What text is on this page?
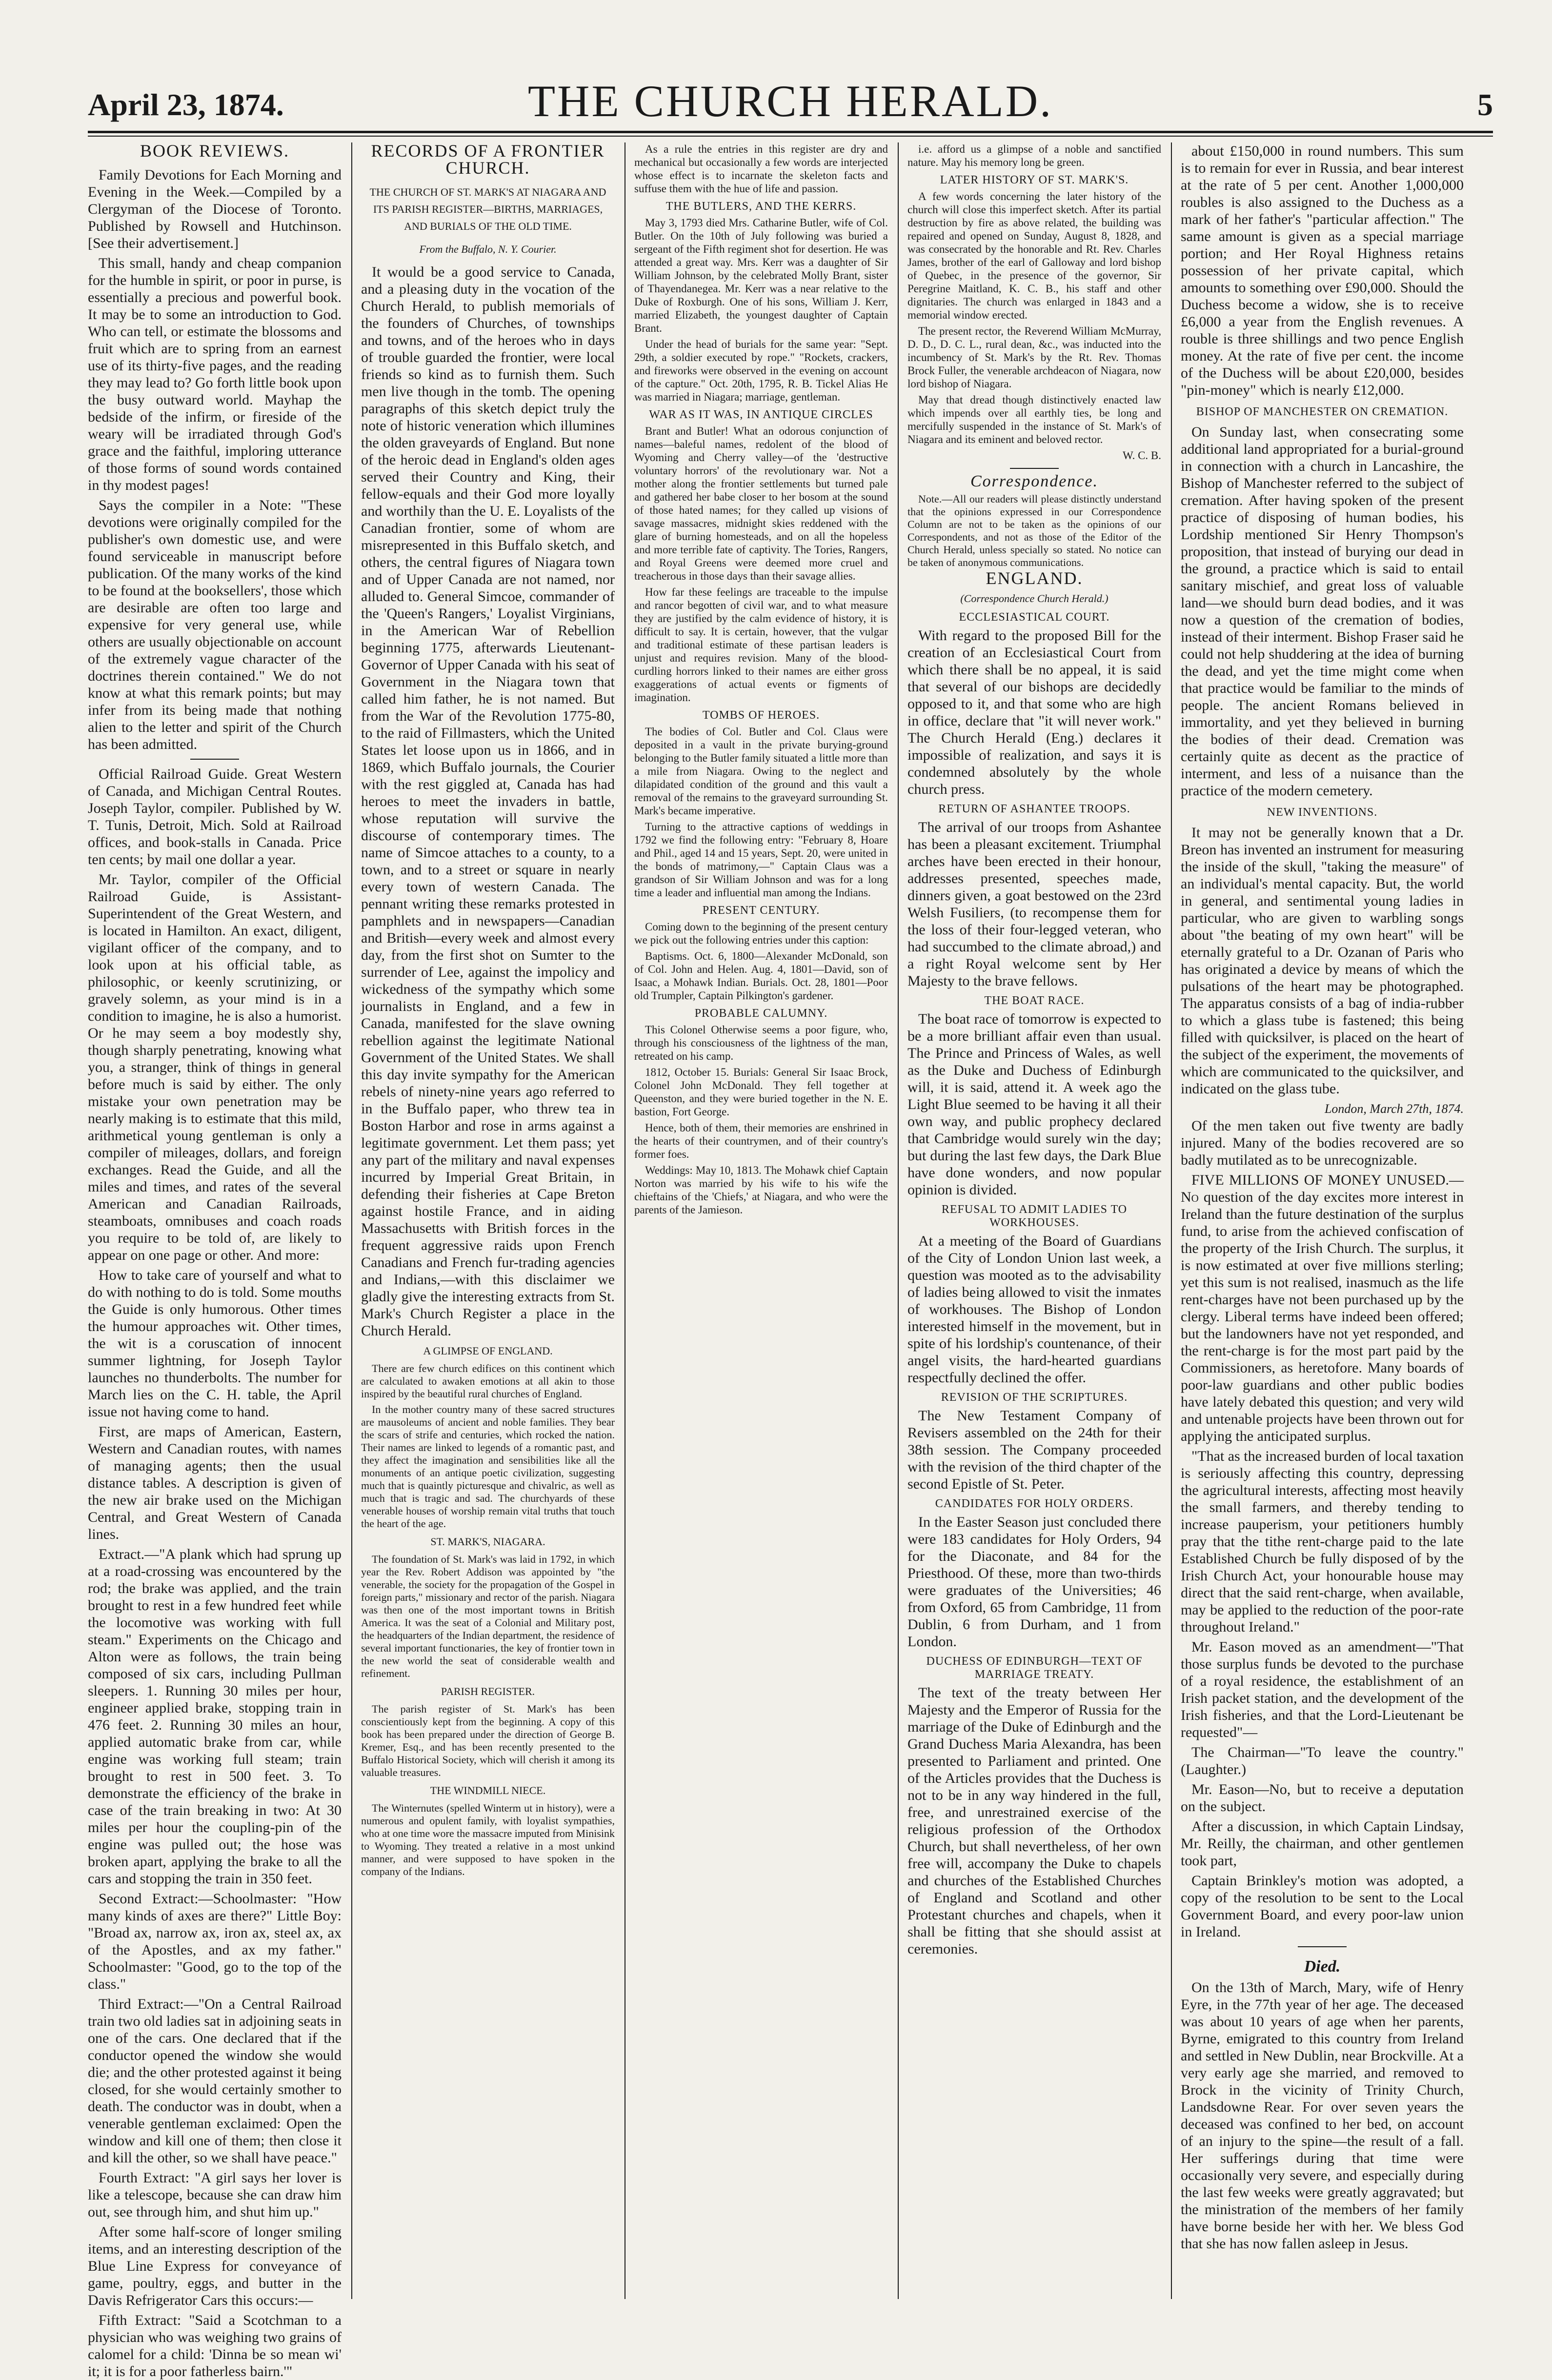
April 23, 1874.	THE CHURCH HERALD.	5
BOOK REVIEWS.

Family Devotions for Each Morning and Evening in the Week.—Compiled by a Clergyman of the Diocese of Toronto. Published by Rowsell and Hutchinson. [See their advertisement.]

This small, handy and cheap companion for the humble in spirit, or poor in purse, is essentially a precious and powerful book. It may be to some an introduction to God. Who can tell, or estimate the blossoms and fruit which are to spring from an earnest use of its thirty-five pages, and the reading they may lead to? Go forth little book upon the busy outward world. Mayhap the bedside of the infirm, or fireside of the weary will be irradiated through God's grace and the faithful, imploring utterance of those forms of sound words contained in thy modest pages!

Says the compiler in a Note: "These devotions were originally compiled for the publisher's own domestic use, and were found serviceable in manuscript before publication. Of the many works of the kind to be found at the booksellers', those which are desirable are often too large and expensive for very general use, while others are usually objectionable on account of the extremely vague character of the doctrines therein contained." We do not know at what this remark points; but may infer from its being made that nothing alien to the letter and spirit of the Church has been admitted.

Official Railroad Guide. Great Western of Canada, and Michigan Central Routes. Joseph Taylor, compiler. Published by W. T. Tunis, Detroit, Mich. Sold at Railroad offices, and book-stalls in Canada. Price ten cents; by mail one dollar a year.

Mr. Taylor, compiler of the Official Railroad Guide, is Assistant-Superintendent of the Great Western, and is located in Hamilton. An exact, diligent, vigilant officer of the company, and to look upon at his official table, as philosophic, or keenly scrutinizing, or gravely solemn, as your mind is in a condition to imagine, he is also a humorist. Or he may seem a boy modestly shy, though sharply penetrating, knowing what you, a stranger, think of things in general before much is said by either. The only mistake your own penetration may be nearly making is to estimate that this mild, arithmetical young gentleman is only a compiler of mileages, dollars, and foreign exchanges. Read the Guide, and all the miles and times, and rates of the several American and Canadian Railroads, steamboats, omnibuses and coach roads you require to be told of, are likely to appear on one page or other. And more:

How to take care of yourself and what to do with nothing to do is told. Some mouths the Guide is only humorous. Other times the humour approaches wit. Other times, the wit is a coruscation of innocent summer lightning, for Joseph Taylor launches no thunderbolts. The number for March lies on the C. H. table, the April issue not having come to hand.

First, are maps of American, Eastern, Western and Canadian routes, with names of managing agents; then the usual distance tables. A description is given of the new air brake used on the Michigan Central, and Great Western of Canada lines.

Extract.—"A plank which had sprung up at a road-crossing was encountered by the rod; the brake was applied, and the train brought to rest in a few hundred feet while the locomotive was working with full steam." Experiments on the Chicago and Alton were as follows, the train being composed of six cars, including Pullman sleepers. 1. Running 30 miles per hour, engineer applied brake, stopping train in 476 feet. 2. Running 30 miles an hour, applied automatic brake from car, while engine was working full steam; train brought to rest in 500 feet. 3. To demonstrate the efficiency of the brake in case of the train breaking in two: At 30 miles per hour the coupling-pin of the engine was pulled out; the hose was broken apart, applying the brake to all the cars and stopping the train in 350 feet.

Second Extract:—Schoolmaster: "How many kinds of axes are there?" Little Boy: "Broad ax, narrow ax, iron ax, steel ax, ax of the Apostles, and ax my father." Schoolmaster: "Good, go to the top of the class."

Third Extract:—"On a Central Railroad train two old ladies sat in adjoining seats in one of the cars. One declared that if the conductor opened the window she would die; and the other protested against it being closed, for she would certainly smother to death. The conductor was in doubt, when a venerable gentleman exclaimed: Open the window and kill one of them; then close it and kill the other, so we shall have peace."

Fourth Extract: "A girl says her lover is like a telescope, because she can draw him out, see through him, and shut him up."

After some half-score of longer smiling items, and an interesting description of the Blue Line Express for conveyance of game, poultry, eggs, and butter in the Davis Refrigerator Cars this occurs:—

Fifth Extract: "Said a Scotchman to a physician who was weighing two grains of calomel for a child: 'Dinna be so mean wi' it; it is for a poor fatherless bairn.'"

RECORDS OF A FRONTIER CHURCH.
THE CHURCH OF ST. MARK'S AT NIAGARA AND ITS PARISH REGISTER—BIRTHS, MARRIAGES, AND BURIALS OF THE OLD TIME.
From the Buffalo, N. Y. Courier.

It would be a good service to Canada, and a pleasing duty in the vocation of the Church Herald, to publish memorials of the founders of Churches, of townships and towns, and of the heroes who in days of trouble guarded the frontier, were local friends so kind as to furnish them. Such men live though in the tomb. The opening paragraphs of this sketch depict truly the note of historic veneration which illumines the olden graveyards of England. But none of the heroic dead in England's olden ages served their Country and King, their fellow-equals and their God more loyally and worthily than the U. E. Loyalists of the Canadian frontier, some of whom are misrepresented in this Buffalo sketch, and others, the central figures of Niagara town and of Upper Canada are not named, nor alluded to. General Simcoe, commander of the 'Queen's Rangers,' Loyalist Virginians, in the American War of Rebellion beginning 1775, afterwards Lieutenant-Governor of Upper Canada with his seat of Government in the Niagara town that called him father, he is not named. But from the War of the Revolution 1775-80, to the raid of Fillmasters, which the United States let loose upon us in 1866, and in 1869, which Buffalo journals, the Courier with the rest giggled at, Canada has had heroes to meet the invaders in battle, whose reputation will survive the discourse of contemporary times. The name of Simcoe attaches to a county, to a town, and to a street or square in nearly every town of western Canada. The pennant writing these remarks protested in pamphlets and in newspapers—Canadian and British—every week and almost every day, from the first shot on Sumter to the surrender of Lee, against the impolicy and wickedness of the sympathy which some journalists in England, and a few in Canada, manifested for the slave owning rebellion against the legitimate National Government of the United States. We shall this day invite sympathy for the American rebels of ninety-nine years ago referred to in the Buffalo paper, who threw tea in Boston Harbor and rose in arms against a legitimate government. Let them pass; yet any part of the military and naval expenses incurred by Imperial Great Britain, in defending their fisheries at Cape Breton against hostile France, and in aiding Massachusetts with British forces in the frequent aggressive raids upon French Canadians and French fur-trading agencies and Indians,—with this disclaimer we gladly give the interesting extracts from St. Mark's Church Register a place in the Church Herald.

A GLIMPSE OF ENGLAND.

There are few church edifices on this continent which are calculated to awaken emotions at all akin to those inspired by the beautiful rural churches of England.

In the mother country many of these sacred structures are mausoleums of ancient and noble families. They bear the scars of strife and centuries, which rocked the nation. Their names are linked to legends of a romantic past, and they affect the imagination and sensibilities like all the monuments of an antique poetic civilization, suggesting much that is quaintly picturesque and chivalric, as well as much that is tragic and sad. The churchyards of these venerable houses of worship remain vital truths that touch the heart of the age.

ST. MARK'S, NIAGARA.

The foundation of St. Mark's was laid in 1792, in which year the Rev. Robert Addison was appointed by "the venerable, the society for the propagation of the Gospel in foreign parts," missionary and rector of the parish. Niagara was then one of the most important towns in British America. It was the seat of a Colonial and Military post, the headquarters of the Indian department, the residence of several important functionaries, the key of frontier town in the new world the seat of considerable wealth and refinement.

PARISH REGISTER.

The parish register of St. Mark's has been conscientiously kept from the beginning. A copy of this book has been prepared under the direction of George B. Kremer, Esq., and has been recently presented to the Buffalo Historical Society, which will cherish it among its valuable treasures.

THE WINDMILL NIECE.

The Winternutes (spelled Winterm ut in history), were a numerous and opulent family, with loyalist sympathies, who at one time wore the massacre imputed from Minisink to Wyoming. They treated a relative in a most unkind manner, and were supposed to have spoken in the company of the Indians.

As a rule the entries in this register are dry and mechanical but occasionally a few words are interjected whose effect is to incarnate the skeleton facts and suffuse them with the hue of life and passion.

THE BUTLERS, AND THE KERRS.

May 3, 1793 died Mrs. Catharine Butler, wife of Col. Butler. On the 10th of July following was buried a sergeant of the Fifth regiment shot for desertion. He was attended a great way. Mrs. Kerr was a daughter of Sir William Johnson, by the celebrated Molly Brant, sister of Thayendanegea. Mr. Kerr was a near relative to the Duke of Roxburgh. One of his sons, William J. Kerr, married Elizabeth, the youngest daughter of Captain Brant.

Under the head of burials for the same year: "Sept. 29th, a soldier executed by rope." "Rockets, crackers, and fireworks were observed in the evening on account of the capture." Oct. 20th, 1795, R. B. Tickel Alias He was married in Niagara; marriage, gentleman.

WAR AS IT WAS, IN ANTIQUE CIRCLES

Brant and Butler! What an odorous conjunction of names—baleful names, redolent of the blood of Wyoming and Cherry valley—of the 'destructive voluntary horrors' of the revolutionary war. Not a mother along the frontier settlements but turned pale and gathered her babe closer to her bosom at the sound of those hated names; for they called up visions of savage massacres, midnight skies reddened with the glare of burning homesteads, and on all the hopeless and more terrible fate of captivity. The Tories, Rangers, and Royal Greens were deemed more cruel and treacherous in those days than their savage allies.

How far these feelings are traceable to the impulse and rancor begotten of civil war, and to what measure they are justified by the calm evidence of history, it is difficult to say. It is certain, however, that the vulgar and traditional estimate of these partisan leaders is unjust and requires revision. Many of the blood-curdling horrors linked to their names are either gross exaggerations of actual events or figments of imagination.

TOMBS OF HEROES.

The bodies of Col. Butler and Col. Claus were deposited in a vault in the private burying-ground belonging to the Butler family situated a little more than a mile from Niagara. Owing to the neglect and dilapidated condition of the ground and this vault a removal of the remains to the graveyard surrounding St. Mark's became imperative.

Turning to the attractive captions of weddings in 1792 we find the following entry: "February 8, Hoare and Phil., aged 14 and 15 years, Sept. 20, were united in the bonds of matrimony,—" Captain Claus was a grandson of Sir William Johnson and was for a long time a leader and influential man among the Indians.

PRESENT CENTURY.

Coming down to the beginning of the present century we pick out the following entries under this caption:

Baptisms. Oct. 6, 1800—Alexander McDonald, son of Col. John and Helen. Aug. 4, 1801—David, son of Isaac, a Mohawk Indian. Burials. Oct. 28, 1801—Poor old Trumpler, Captain Pilkington's gardener.

PROBABLE CALUMNY.

This Colonel Otherwise seems a poor figure, who, through his consciousness of the lightness of the man, retreated on his camp.

1812, October 15. Burials: General Sir Isaac Brock, Colonel John McDonald. They fell together at Queenston, and they were buried together in the N. E. bastion, Fort George.

Hence, both of them, their memories are enshrined in the hearts of their countrymen, and of their country's former foes.

Weddings: May 10, 1813. The Mohawk chief Captain Norton was married by his wife to his wife the chieftains of the 'Chiefs,' at Niagara, and who were the parents of the Jamieson.

i.e. afford us a glimpse of a noble and sanctified nature. May his memory long be green.

LATER HISTORY OF ST. MARK'S.

A few words concerning the later history of the church will close this imperfect sketch. After its partial destruction by fire as above related, the building was repaired and opened on Sunday, August 8, 1828, and was consecrated by the honorable and Rt. Rev. Charles James, brother of the earl of Galloway and lord bishop of Quebec, in the presence of the governor, Sir Peregrine Maitland, K. C. B., his staff and other dignitaries. The church was enlarged in 1843 and a memorial window erected.

The present rector, the Reverend William McMurray, D. D., D. C. L., rural dean, &c., was inducted into the incumbency of St. Mark's by the Rt. Rev. Thomas Brock Fuller, the venerable archdeacon of Niagara, now lord bishop of Niagara.

May that dread though distinctively enacted law which impends over all earthly ties, be long and mercifully suspended in the instance of St. Mark's of Niagara and its eminent and beloved rector.

W. C. B.
Correspondence.

Note.—All our readers will please distinctly understand that the opinions expressed in our Correspondence Column are not to be taken as the opinions of our Correspondents, and not as those of the Editor of the Church Herald, unless specially so stated. No notice can be taken of anonymous communications.

ENGLAND.
(Correspondence Church Herald.)
ECCLESIASTICAL COURT.

With regard to the proposed Bill for the creation of an Ecclesiastical Court from which there shall be no appeal, it is said that several of our bishops are decidedly opposed to it, and that some who are high in office, declare that "it will never work." The Church Herald (Eng.) declares it impossible of realization, and says it is condemned absolutely by the whole church press.

RETURN OF ASHANTEE TROOPS.

The arrival of our troops from Ashantee has been a pleasant excitement. Triumphal arches have been erected in their honour, addresses presented, speeches made, dinners given, a goat bestowed on the 23rd Welsh Fusiliers, (to recompense them for the loss of their four-legged veteran, who had succumbed to the climate abroad,) and a right Royal welcome sent by Her Majesty to the brave fellows.

THE BOAT RACE.

The boat race of tomorrow is expected to be a more brilliant affair even than usual. The Prince and Princess of Wales, as well as the Duke and Duchess of Edinburgh will, it is said, attend it. A week ago the Light Blue seemed to be having it all their own way, and public prophecy declared that Cambridge would surely win the day; but during the last few days, the Dark Blue have done wonders, and now popular opinion is divided.

REFUSAL TO ADMIT LADIES TO WORKHOUSES.

At a meeting of the Board of Guardians of the City of London Union last week, a question was mooted as to the advisability of ladies being allowed to visit the inmates of workhouses. The Bishop of London interested himself in the movement, but in spite of his lordship's countenance, of their angel visits, the hard-hearted guardians respectfully declined the offer.

REVISION OF THE SCRIPTURES.

The New Testament Company of Revisers assembled on the 24th for their 38th session. The Company proceeded with the revision of the third chapter of the second Epistle of St. Peter.

CANDIDATES FOR HOLY ORDERS.

In the Easter Season just concluded there were 183 candidates for Holy Orders, 94 for the Diaconate, and 84 for the Priesthood. Of these, more than two-thirds were graduates of the Universities; 46 from Oxford, 65 from Cambridge, 11 from Dublin, 6 from Durham, and 1 from London.

DUCHESS OF EDINBURGH—TEXT OF MARRIAGE TREATY.

The text of the treaty between Her Majesty and the Emperor of Russia for the marriage of the Duke of Edinburgh and the Grand Duchess Maria Alexandra, has been presented to Parliament and printed. One of the Articles provides that the Duchess is not to be in any way hindered in the full, free, and unrestrained exercise of the religious profession of the Orthodox Church, but shall nevertheless, of her own free will, accompany the Duke to chapels and churches of the Established Churches of England and Scotland and other Protestant churches and chapels, when it shall be fitting that she should assist at ceremonies.

about £150,000 in round numbers. This sum is to remain for ever in Russia, and bear interest at the rate of 5 per cent. Another 1,000,000 roubles is also assigned to the Duchess as a mark of her father's "particular affection." The same amount is given as a special marriage portion; and Her Royal Highness retains possession of her private capital, which amounts to something over £90,000. Should the Duchess become a widow, she is to receive £6,000 a year from the English revenues. A rouble is three shillings and two pence English money. At the rate of five per cent. the income of the Duchess will be about £20,000, besides "pin-money" which is nearly £12,000.

BISHOP OF MANCHESTER ON CREMATION.

On Sunday last, when consecrating some additional land appropriated for a burial-ground in connection with a church in Lancashire, the Bishop of Manchester referred to the subject of cremation. After having spoken of the present practice of disposing of human bodies, his Lordship mentioned Sir Henry Thompson's proposition, that instead of burying our dead in the ground, a practice which is said to entail sanitary mischief, and great loss of valuable land—we should burn dead bodies, and it was now a question of the cremation of bodies, instead of their interment. Bishop Fraser said he could not help shuddering at the idea of burning the dead, and yet the time might come when that practice would be familiar to the minds of people. The ancient Romans believed in immortality, and yet they believed in burning the bodies of their dead. Cremation was certainly quite as decent as the practice of interment, and less of a nuisance than the practice of the modern cemetery.

NEW INVENTIONS.

It may not be generally known that a Dr. Breon has invented an instrument for measuring the inside of the skull, "taking the measure" of an individual's mental capacity. But, the world in general, and sentimental young ladies in particular, who are given to warbling songs about "the beating of my own heart" will be eternally grateful to a Dr. Ozanan of Paris who has originated a device by means of which the pulsations of the heart may be photographed. The apparatus consists of a bag of india-rubber to which a glass tube is fastened; this being filled with quicksilver, is placed on the heart of the subject of the experiment, the movements of which are communicated to the quicksilver, and indicated on the glass tube.

London, March 27th, 1874.

Of the men taken out five twenty are badly injured. Many of the bodies recovered are so badly mutilated as to be unrecognizable.

FIVE MILLIONS OF MONEY UNUSED.—No question of the day excites more interest in Ireland than the future destination of the surplus fund, to arise from the achieved confiscation of the property of the Irish Church. The surplus, it is now estimated at over five millions sterling; yet this sum is not realised, inasmuch as the life rent-charges have not been purchased up by the clergy. Liberal terms have indeed been offered; but the landowners have not yet responded, and the rent-charge is for the most part paid by the Commissioners, as heretofore. Many boards of poor-law guardians and other public bodies have lately debated this question; and very wild and untenable projects have been thrown out for applying the anticipated surplus.

"That as the increased burden of local taxation is seriously affecting this country, depressing the agricultural interests, affecting most heavily the small farmers, and thereby tending to increase pauperism, your petitioners humbly pray that the tithe rent-charge paid to the late Established Church be fully disposed of by the Irish Church Act, your honourable house may direct that the said rent-charge, when available, may be applied to the reduction of the poor-rate throughout Ireland."

Mr. Eason moved as an amendment—"That those surplus funds be devoted to the purchase of a royal residence, the establishment of an Irish packet station, and the development of the Irish fisheries, and that the Lord-Lieutenant be requested"—

The Chairman—"To leave the country." (Laughter.)

Mr. Eason—No, but to receive a deputation on the subject.

After a discussion, in which Captain Lindsay, Mr. Reilly, the chairman, and other gentlemen took part,

Captain Brinkley's motion was adopted, a copy of the resolution to be sent to the Local Government Board, and every poor-law union in Ireland.

Died.

On the 13th of March, Mary, wife of Henry Eyre, in the 77th year of her age. The deceased was about 10 years of age when her parents, Byrne, emigrated to this country from Ireland and settled in New Dublin, near Brockville. At a very early age she married, and removed to Brock in the vicinity of Trinity Church, Landsdowne Rear. For over seven years the deceased was confined to her bed, on account of an injury to the spine—the result of a fall. Her sufferings during that time were occasionally very severe, and especially during the last few weeks were greatly aggravated; but the ministration of the members of her family have borne beside her with her. We bless God that she has now fallen asleep in Jesus.
